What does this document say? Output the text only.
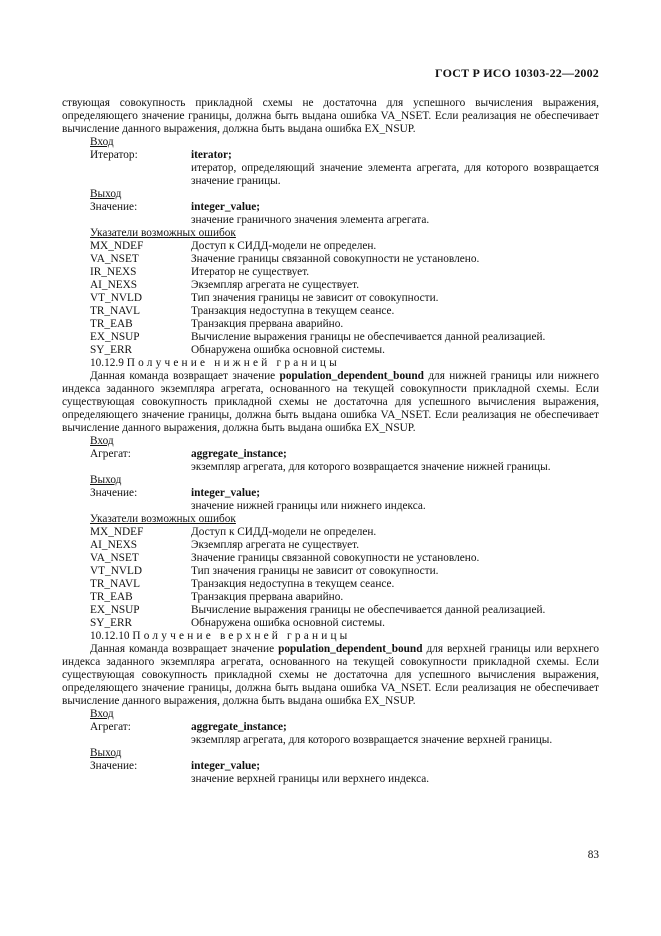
ГОСТ Р ИСО 10303-22—2002

ствующая совокупность прикладной схемы не достаточна для успешного вычисления выражения, определяющего значение границы, должна быть выдана ошибка VA_NSET. Если реализация не обеспечивает вычисление данного выражения, должна быть выдана ошибка EX_NSUP.

Вход
Итератор:	iterator;
итератор, определяющий значение элемента агрегата, для которого возвращается значение границы.
Выход
Значение:	integer_value;
значение граничного значения элемента агрегата.
Указатели возможных ошибок
MX_NDEF	Доступ к СИДД-модели не определен.
VA_NSET	Значение границы связанной совокупности не установлено.
IR_NEXS	Итератор не существует.
AI_NEXS	Экземпляр агрегата не существует.
VT_NVLD	Тип значения границы не зависит от совокупности.
TR_NAVL	Транзакция недоступна в текущем сеансе.
TR_EAB	Транзакция прервана аварийно.
EX_NSUP	Вычисление выражения границы не обеспечивается данной реализацией.
SY_ERR	Обнаружена ошибка основной системы.
10.12.9 Получение нижней границы

Данная команда возвращает значение population_dependent_bound для нижней границы или нижнего индекса заданного экземпляра агрегата, основанного на текущей совокупности прикладной схемы. Если существующая совокупность прикладной схемы не достаточна для успешного вычисления выражения, определяющего значение границы, должна быть выдана ошибка VA_NSET. Если реализация не обеспечивает вычисление данного выражения, должна быть выдана ошибка EX_NSUP.

Вход
Агрегат:	aggregate_instance;
экземпляр агрегата, для которого возвращается значение нижней границы.
Выход
Значение:	integer_value;
значение нижней границы или нижнего индекса.
Указатели возможных ошибок
MX_NDEF	Доступ к СИДД-модели не определен.
AI_NEXS	Экземпляр агрегата не существует.
VA_NSET	Значение границы связанной совокупности не установлено.
VT_NVLD	Тип значения границы не зависит от совокупности.
TR_NAVL	Транзакция недоступна в текущем сеансе.
TR_EAB	Транзакция прервана аварийно.
EX_NSUP	Вычисление выражения границы не обеспечивается данной реализацией.
SY_ERR	Обнаружена ошибка основной системы.
10.12.10 Получение верхней границы

Данная команда возвращает значение population_dependent_bound для верхней границы или верхнего индекса заданного экземпляра агрегата, основанного на текущей совокупности прикладной схемы. Если существующая совокупность прикладной схемы не достаточна для успешного вычисления выражения, определяющего значение границы, должна быть выдана ошибка VA_NSET. Если реализация не обеспечивает вычисление данного выражения, должна быть выдана ошибка EX_NSUP.

Вход
Агрегат:	aggregate_instance;
экземпляр агрегата, для которого возвращается значение верхней границы.
Выход
Значение:	integer_value;
значение верхней границы или верхнего индекса.
83
